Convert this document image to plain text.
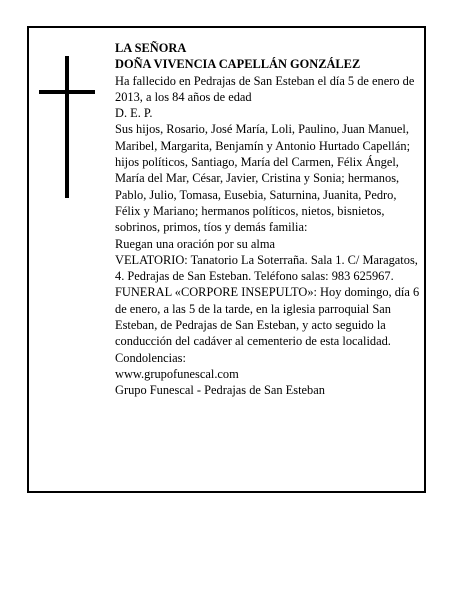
LA SEÑORA

DOÑA VIVENCIA CAPELLÁN GONZÁLEZ

Ha fallecido en Pedrajas de San Esteban el día 5 de enero de 2013, a los 84 años de edad

D. E. P.

Sus hijos, Rosario, José María, Loli, Paulino, Juan Manuel, Maribel, Margarita, Benjamín y Antonio Hurtado Capellán; hijos políticos, Santiago, María del Carmen, Félix Ángel, María del Mar, César, Javier, Cristina y Sonia; hermanos, Pablo, Julio, Tomasa, Eusebia, Saturnina, Juanita, Pedro, Félix y Mariano; hermanos políticos, nietos, bisnietos, sobrinos, primos, tíos y demás familia:

Ruegan una oración por su alma

VELATORIO: Tanatorio La Soterraña. Sala 1. C/ Maragatos, 4. Pedrajas de San Esteban. Teléfono salas: 983 625967.

FUNERAL «CORPORE INSEPULTO»: Hoy domingo, día 6 de enero, a las 5 de la tarde, en la iglesia parroquial San Esteban, de Pedrajas de San Esteban, y acto seguido la conducción del cadáver al cementerio de esta localidad. Condolencias:

www.grupofunescal.com

Grupo Funescal - Pedrajas de San Esteban
